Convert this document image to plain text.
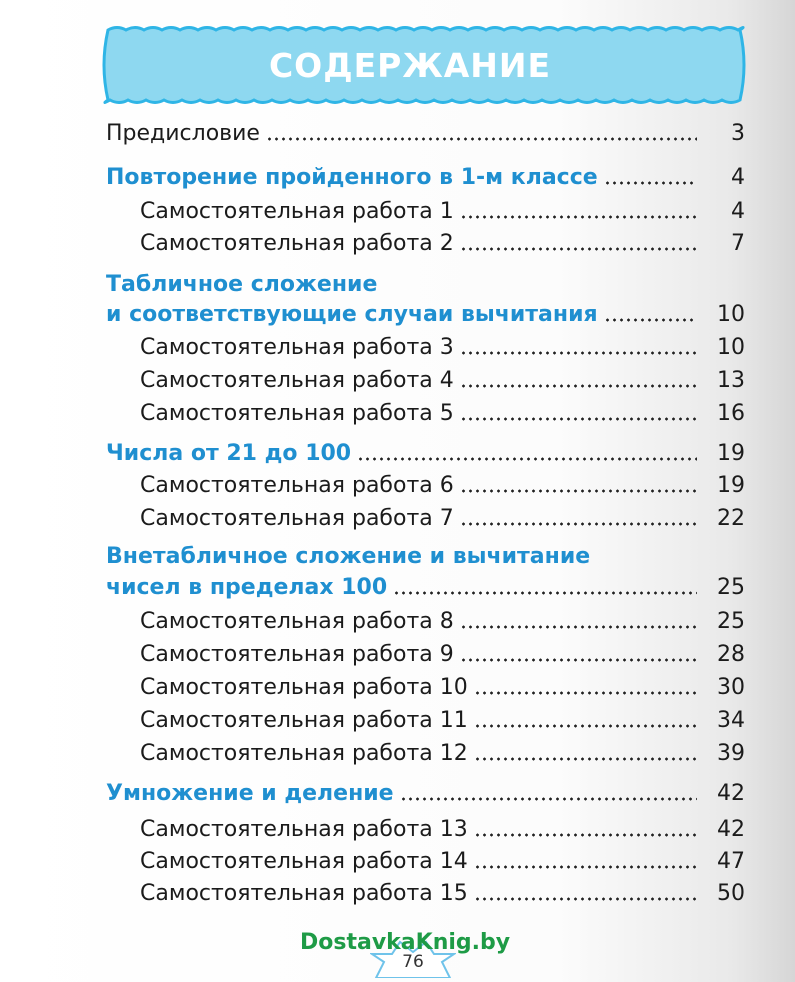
СОДЕРЖАНИЕ
Предисловие	3
Повторение пройденного в 1-м классе	4
Самостоятельная работа 1	4
Самостоятельная работа 2	7
Табличное сложение
и соответствующие случаи вычитания	10
Самостоятельная работа 3	10
Самостоятельная работа 4	13
Самостоятельная работа 5	16
Числа от 21 до 100	19
Самостоятельная работа 6	19
Самостоятельная работа 7	22
Внетабличное сложение и вычитание
чисел в пределах 100	25
Самостоятельная работа 8	25
Самостоятельная работа 9	28
Самостоятельная работа 10	30
Самостоятельная работа 11	34
Самостоятельная работа 12	39
Умножение и деление	42
Самостоятельная работа 13	42
Самостоятельная работа 14	47
Самостоятельная работа 15	50
76
DostavkaKnig.by
